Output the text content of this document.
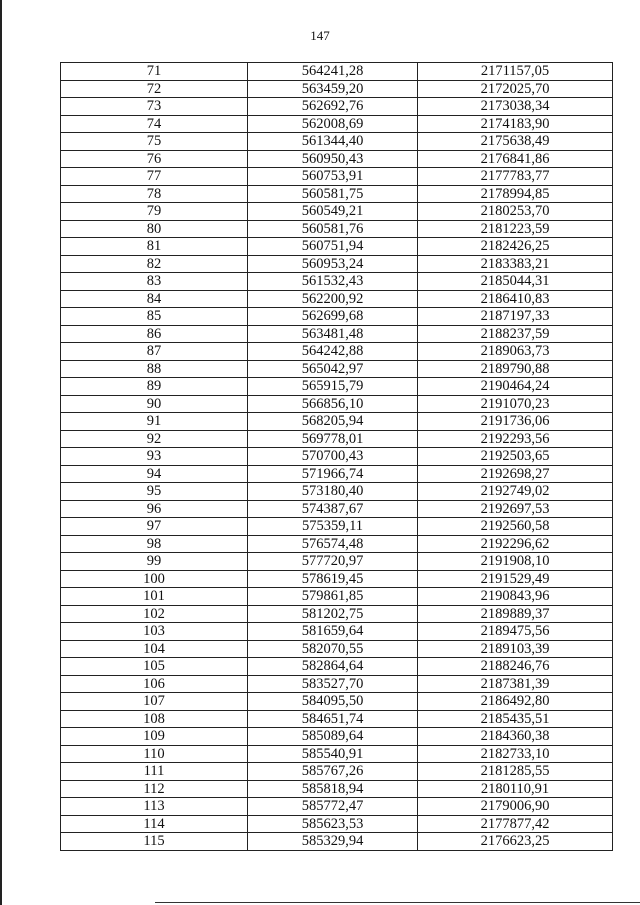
147
71	564241,28	2171157,05
72	563459,20	2172025,70
73	562692,76	2173038,34
74	562008,69	2174183,90
75	561344,40	2175638,49
76	560950,43	2176841,86
77	560753,91	2177783,77
78	560581,75	2178994,85
79	560549,21	2180253,70
80	560581,76	2181223,59
81	560751,94	2182426,25
82	560953,24	2183383,21
83	561532,43	2185044,31
84	562200,92	2186410,83
85	562699,68	2187197,33
86	563481,48	2188237,59
87	564242,88	2189063,73
88	565042,97	2189790,88
89	565915,79	2190464,24
90	566856,10	2191070,23
91	568205,94	2191736,06
92	569778,01	2192293,56
93	570700,43	2192503,65
94	571966,74	2192698,27
95	573180,40	2192749,02
96	574387,67	2192697,53
97	575359,11	2192560,58
98	576574,48	2192296,62
99	577720,97	2191908,10
100	578619,45	2191529,49
101	579861,85	2190843,96
102	581202,75	2189889,37
103	581659,64	2189475,56
104	582070,55	2189103,39
105	582864,64	2188246,76
106	583527,70	2187381,39
107	584095,50	2186492,80
108	584651,74	2185435,51
109	585089,64	2184360,38
110	585540,91	2182733,10
111	585767,26	2181285,55
112	585818,94	2180110,91
113	585772,47	2179006,90
114	585623,53	2177877,42
115	585329,94	2176623,25
